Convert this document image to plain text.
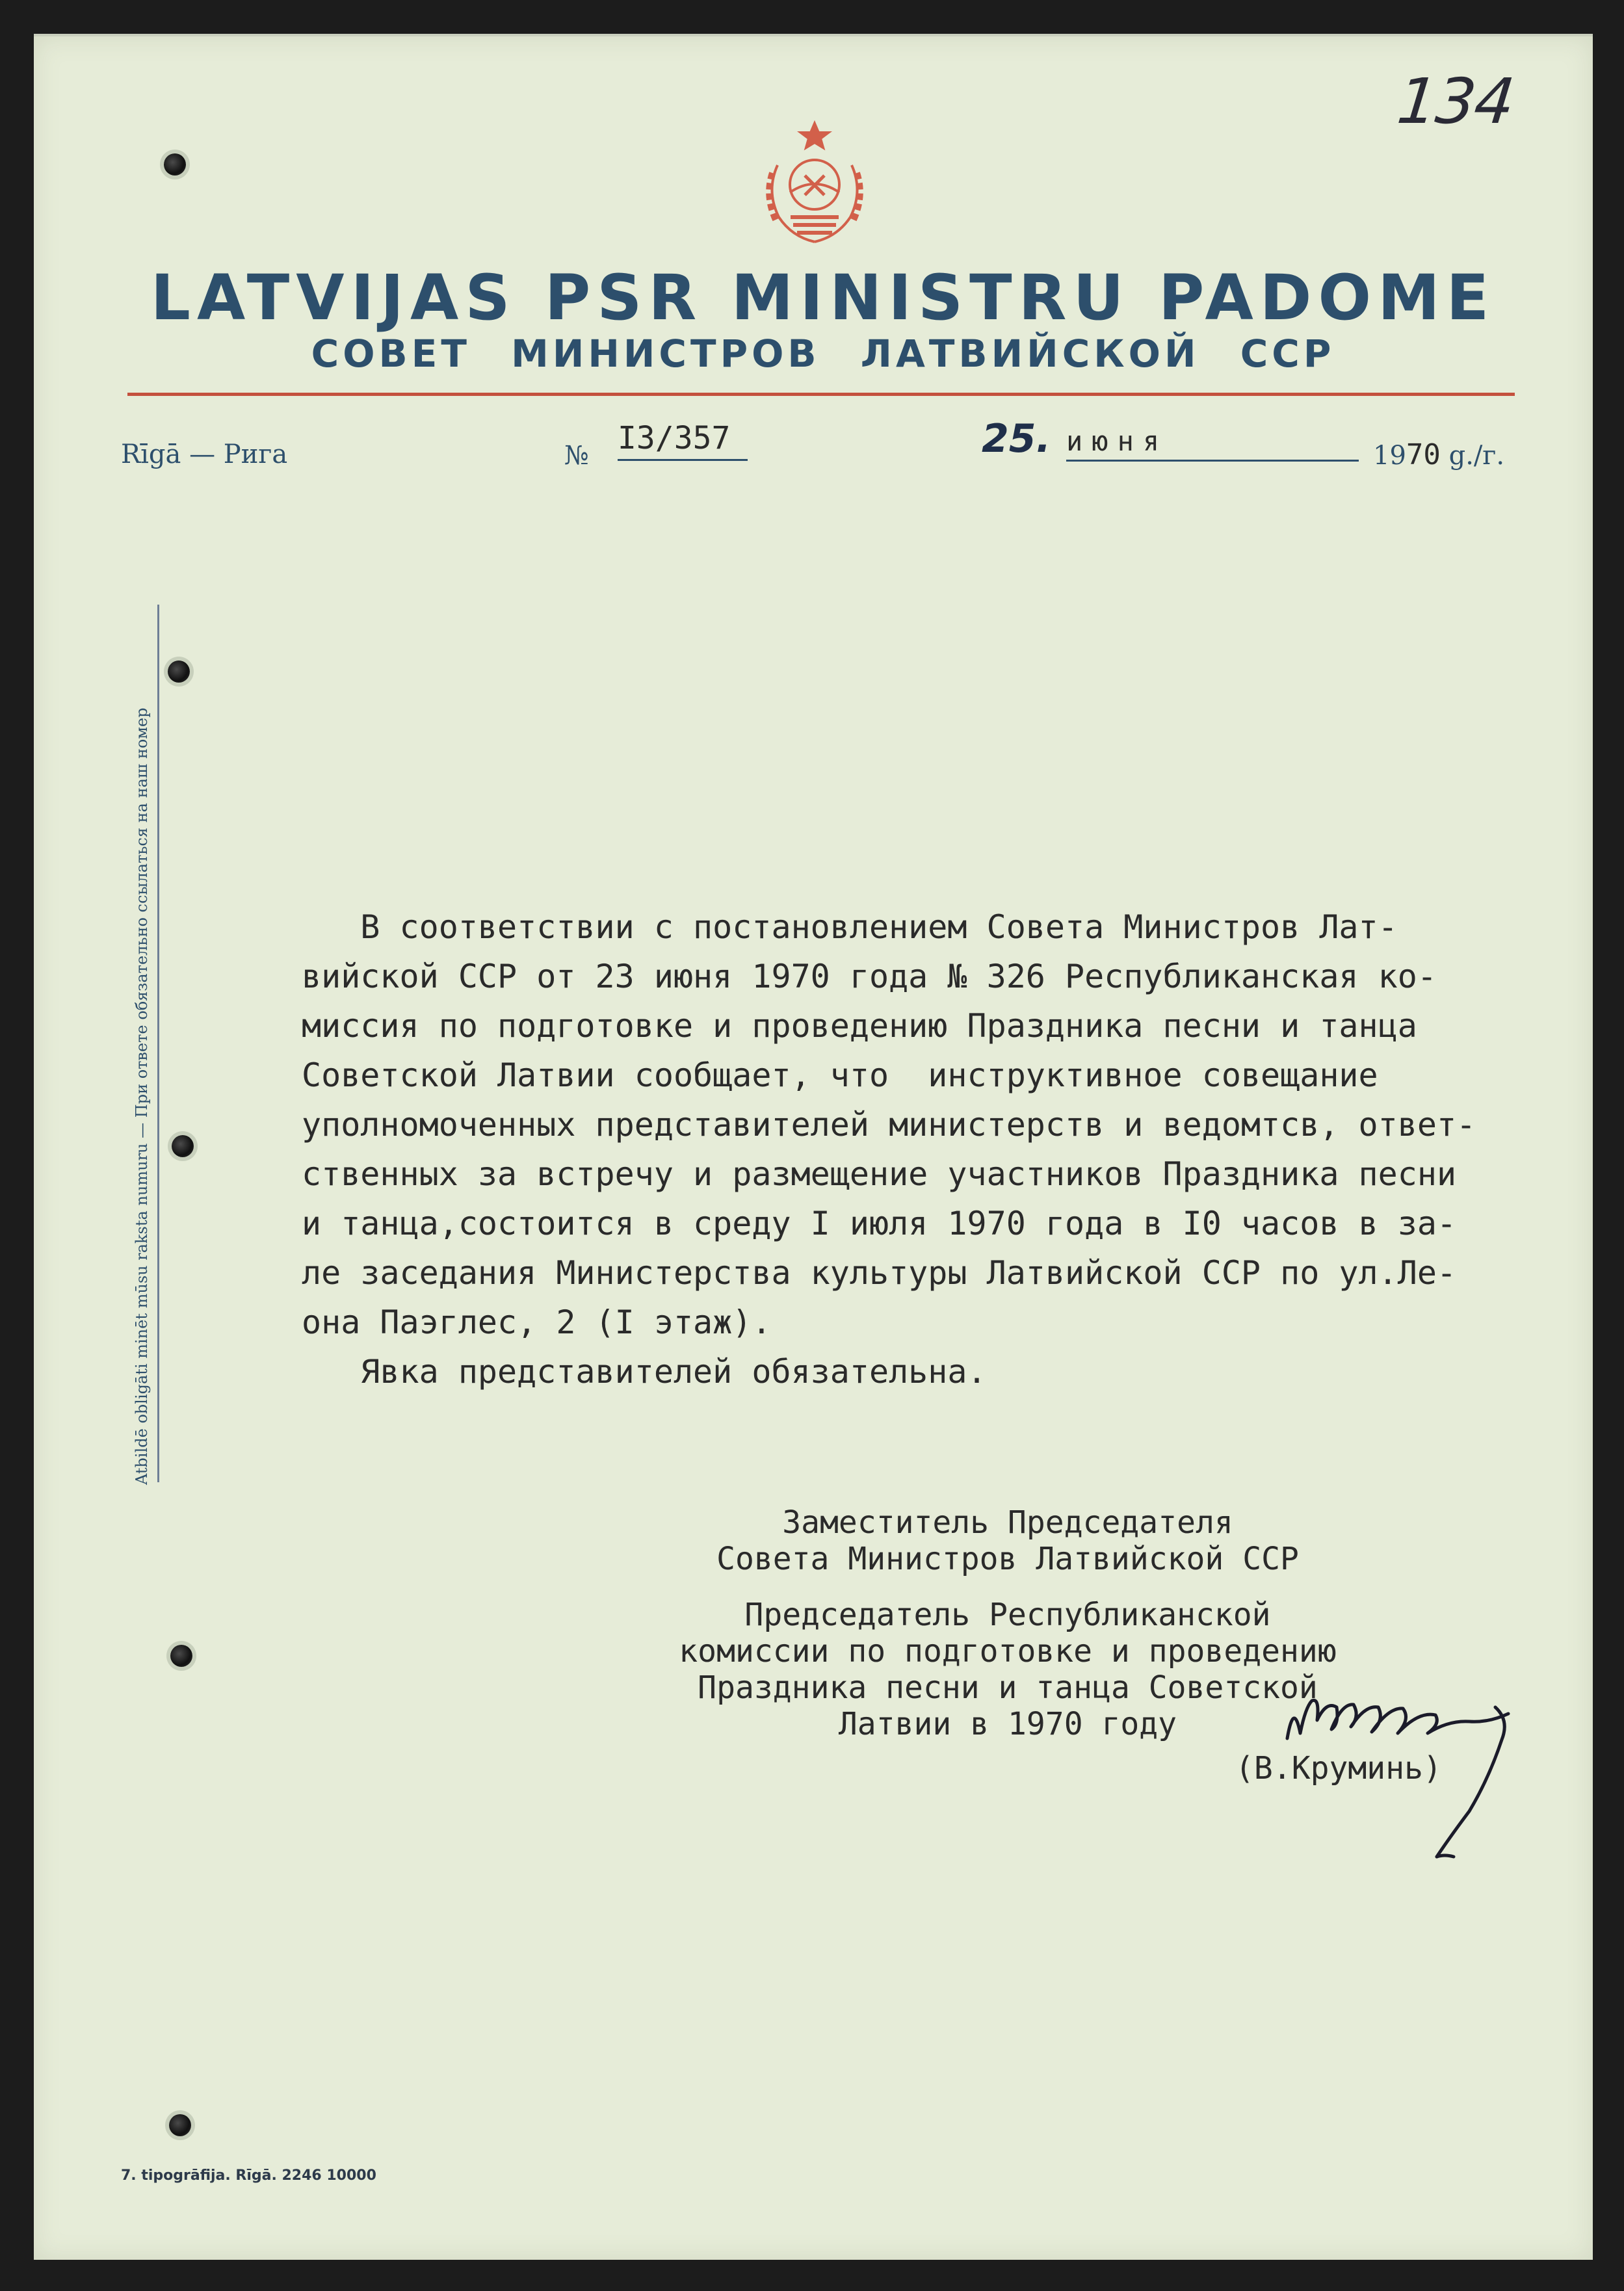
134
LATVIJAS PSR MINISTRU PADOME
СОВЕТ МИНИСТРОВ ЛАТВИЙСКОЙ ССР
Rīgā — Рига	№ I3/357	25. июня	1970 g./г.
Atbildē obligāti minēt mūsu raksta numuru — При ответе обязательно ссылаться на наш номер	В соответствии с постановлением Совета Министров Лат-
вийской ССР от 23 июня 1970 года № 326 Республиканская ко-
миссия по подготовке и проведению Праздника песни и танца
Советской Латвии сообщает, что  инструктивное совещание
уполномоченных представителей министерств и ведомтсв, ответ-
ственных за встречу и размещение участников Праздника песни
и танца,состоится в среду I июля 1970 года в I0 часов в за-
ле заседания Министерства культуры Латвийской ССР по ул.Ле-
она Паэглес, 2 (I этаж).
Явка представителей обязательна.
Заместитель Председателя
Совета Министров Латвийской ССР
Председатель Республиканской
комиссии по подготовке и проведению
Праздника песни и танца Советской
Латвии в 1970 году
(В.Круминь)
7. tipogrāfija. Rīgā. 2246 10000
